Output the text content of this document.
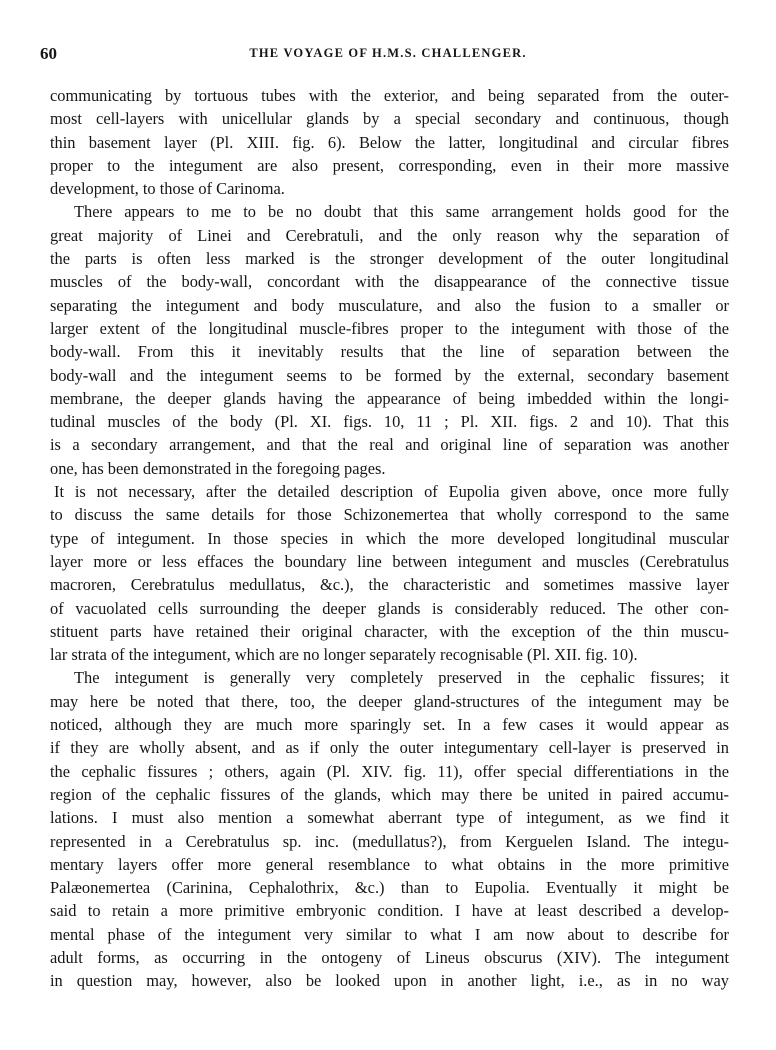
60	THE VOYAGE OF H.M.S. CHALLENGER.
communicating by tortuous tubes with the exterior, and being separated from the outer-
most cell-layers with unicellular glands by a special secondary and continuous, though
thin basement layer (Pl. XIII. fig. 6). Below the latter, longitudinal and circular fibres
proper to the integument are also present, corresponding, even in their more massive
development, to those of Carinoma.
There appears to me to be no doubt that this same arrangement holds good for the
great majority of Linei and Cerebratuli, and the only reason why the separation of
the parts is often less marked is the stronger development of the outer longitudinal
muscles of the body-wall, concordant with the disappearance of the connective tissue
separating the integument and body musculature, and also the fusion to a smaller or
larger extent of the longitudinal muscle-fibres proper to the integument with those of the
body-wall. From this it inevitably results that the line of separation between the
body-wall and the integument seems to be formed by the external, secondary basement
membrane, the deeper glands having the appearance of being imbedded within the longi-
tudinal muscles of the body (Pl. XI. figs. 10, 11 ; Pl. XII. figs. 2 and 10). That this
is a secondary arrangement, and that the real and original line of separation was another
one, has been demonstrated in the foregoing pages.
It is not necessary, after the detailed description of Eupolia given above, once more fully
to discuss the same details for those Schizonemertea that wholly correspond to the same
type of integument. In those species in which the more developed longitudinal muscular
layer more or less effaces the boundary line between integument and muscles (Cerebratulus
macroren, Cerebratulus medullatus, &c.), the characteristic and sometimes massive layer
of vacuolated cells surrounding the deeper glands is considerably reduced. The other con-
stituent parts have retained their original character, with the exception of the thin muscu-
lar strata of the integument, which are no longer separately recognisable (Pl. XII. fig. 10).
The integument is generally very completely preserved in the cephalic fissures; it
may here be noted that there, too, the deeper gland-structures of the integument may be
noticed, although they are much more sparingly set. In a few cases it would appear as
if they are wholly absent, and as if only the outer integumentary cell-layer is preserved in
the cephalic fissures ; others, again (Pl. XIV. fig. 11), offer special differentiations in the
region of the cephalic fissures of the glands, which may there be united in paired accumu-
lations. I must also mention a somewhat aberrant type of integument, as we find it
represented in a Cerebratulus sp. inc. (medullatus?), from Kerguelen Island. The integu-
mentary layers offer more general resemblance to what obtains in the more primitive
Palæonemertea (Carinina, Cephalothrix, &c.) than to Eupolia. Eventually it might be
said to retain a more primitive embryonic condition. I have at least described a develop-
mental phase of the integument very similar to what I am now about to describe for
adult forms, as occurring in the ontogeny of Lineus obscurus (XIV). The integument
in question may, however, also be looked upon in another light, i.e., as in no way
